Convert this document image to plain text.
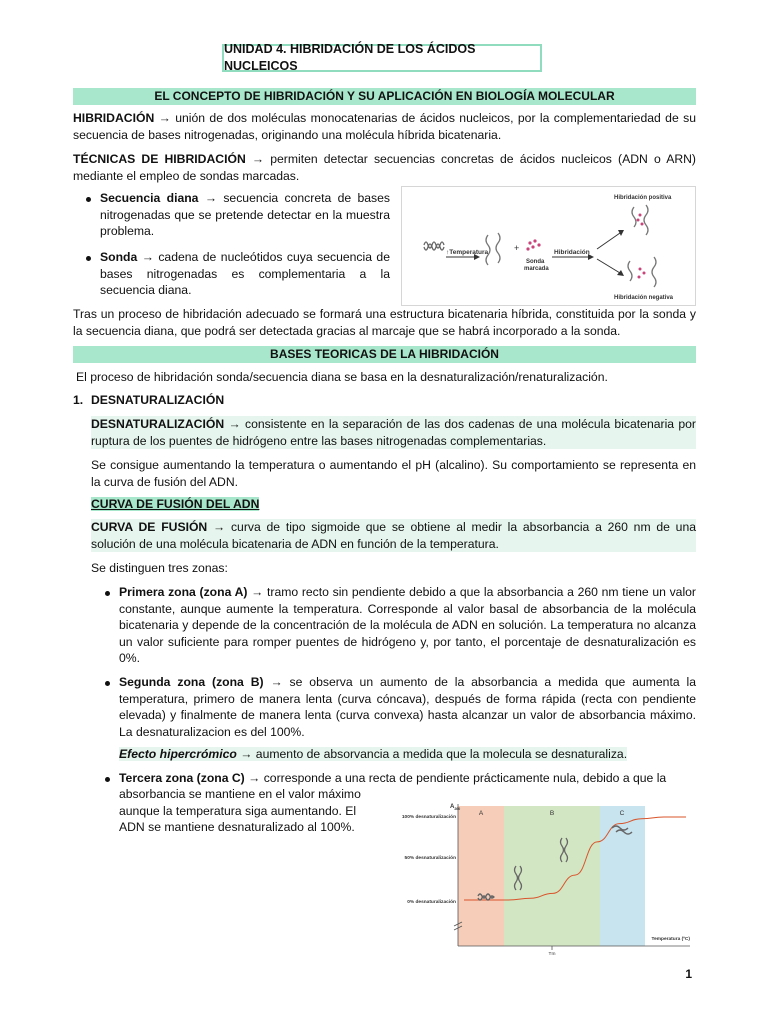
UNIDAD 4. HIBRIDACIÓN DE LOS ÁCIDOS NUCLEICOS
EL CONCEPTO DE HIBRIDACIÓN Y SU APLICACIÓN EN BIOLOGÍA MOLECULAR

HIBRIDACIÓN → unión de dos moléculas monocatenarias de ácidos nucleicos, por la complementariedad de su secuencia de bases nitrogenadas, originando una molécula híbrida bicatenaria.

TÉCNICAS DE HIBRIDACIÓN → permiten detectar secuencias concretas de ácidos nucleicos (ADN o ARN) mediante el empleo de sondas marcadas.

Secuencia diana → secuencia concreta de bases nitrogenadas que se pretende detectar en la muestra problema.

Sonda → cadena de nucleótidos cuya secuencia de bases nitrogenadas es complementaria a la secuencia diana.

↑Temperatura	+
Sonda
marcada
Hibridación
Hibridación positiva
Hibridación negativa

Tras un proceso de hibridación adecuado se formará una estructura bicatenaria híbrida, constituida por la sonda y la secuencia diana, que podrá ser detectada gracias al marcaje que se habrá incorporado a la sonda.

BASES TEORICAS DE LA HIBRIDACIÓN
El proceso de hibridación sonda/secuencia diana se basa en la desnaturalización/renaturalización.
1. DESNATURALIZACIÓN

DESNATURALIZACIÓN → consistente en la separación de las dos cadenas de una molécula bicatenaria por ruptura de los puentes de hidrógeno entre las bases nitrogenadas complementarias.

Se consigue aumentando la temperatura o aumentando el pH (alcalino). Su comportamiento se representa en la curva de fusión del ADN.

CURVA DE FUSIÓN DEL ADN

CURVA DE FUSIÓN → curva de tipo sigmoide que se obtiene al medir la absorbancia a 260 nm de una solución de una molécula bicatenaria de ADN en función de la temperatura.

Se distinguen tres zonas:

Primera zona (zona A) → tramo recto sin pendiente debido a que la absorbancia a 260 nm tiene un valor constante, aunque aumente la temperatura. Corresponde al valor basal de absorbancia de la molécula bicatenaria y depende de la concentración de la molécula de ADN en solución. La temperatura no alcanza un valor suficiente para romper puentes de hidrógeno y, por tanto, el porcentaje de desnaturalización es 0%.

Segunda zona (zona B) → se observa un aumento de la absorbancia a medida que aumenta la temperatura, primero de manera lenta (curva cóncava), después de forma rápida (recta con pendiente elevada) y finalmente de manera lenta (curva convexa) hasta alcanzar un valor de absorbancia máximo. La desnaturalizacion es del 100%.

Efecto hipercrómico → aumento de absorvancia a medida que la molecula se desnaturaliza.

Tercera zona (zona C) → corresponde a una recta de pendiente prácticamente nula, debido a que la

absorbancia se mantiene en el valor máximo
aunque la temperatura siga aumentando. El
ADN se mantiene desnaturalizado al 100%.
A	B	C
$A_{260}$
100% desnaturalización
50% desnaturalización
0% desnaturalización
Temperatura (ºC)
Tm
1
